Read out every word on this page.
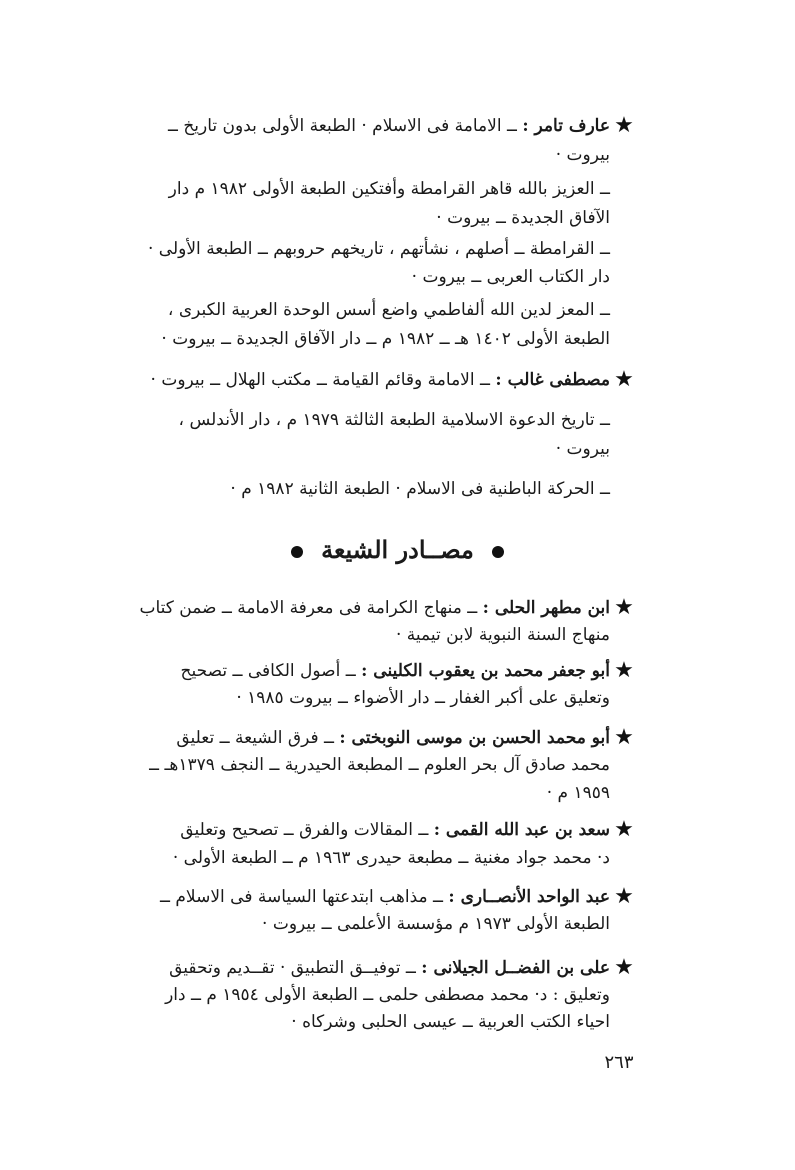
★
عارف تامر : ــ الامامة فى الاسلام · الطبعة الأولى بدون تاريخ ــ
بيروت ·
ــ العزيز بالله قاهر القرامطة وأفتكين الطبعة الأولى ١٩٨٢ م دار
الآفاق الجديدة ــ بيروت ·
ــ القرامطة ــ أصلهم ، نشأتهم ، تاريخهم حروبهم ــ الطبعة الأولى ·
دار الكتاب العربى ــ بيروت ·
ــ المعز لدين الله ألفاطمي واضع أسس الوحدة العربية الكبرى ،
الطبعة الأولى ١٤٠٢ هـ ــ ١٩٨٢ م ــ دار الآفاق الجديدة ــ بيروت ·
★
مصطفى غالب : ــ الامامة وقائم القيامة ــ مكتب الهلال ــ بيروت ·
ــ تاريخ الدعوة الاسلامية الطبعة الثالثة ١٩٧٩ م ، دار الأندلس ،
بيروت ·
ــ الحركة الباطنية فى الاسلام · الطبعة الثانية ١٩٨٢ م ·
مصــادر الشيعة
★
ابن مطهر الحلى : ــ منهاج الكرامة فى معرفة الامامة ــ ضمن كتاب
منهاج السنة النبوية لابن تيمية ·
★
أبو جعفر محمد بن يعقوب الكلينى : ــ أصول الكافى ــ تصحيح
وتعليق على أكبر الغفار ــ دار الأضواء ــ بيروت ١٩٨٥ ·
★
أبو محمد الحسن بن موسى النوبختى : ــ فرق الشيعة ــ تعليق
محمد صادق آل بحر العلوم ــ المطبعة الحيدرية ــ النجف ١٣٧٩هـ ــ
١٩٥٩ م ·
★
سعد بن عبد الله القمى : ــ المقالات والفرق ــ تصحيح وتعليق
د· محمد جواد مغنية ــ مطبعة حيدرى ١٩٦٣ م ــ الطبعة الأولى ·
★
عبد الواحد الأنصــارى : ــ مذاهب ابتدعتها السياسة فى الاسلام ــ
الطبعة الأولى ١٩٧٣ م مؤسسة الأعلمى ــ بيروت ·
★
على بن الفضــل الجيلانى : ــ توفيــق التطبيق · تقــديم وتحقيق
وتعليق : د· محمد مصطفى حلمى ــ الطبعة الأولى ١٩٥٤ م ــ دار
احياء الكتب العربية ــ عيسى الحلبى وشركاه ·
٢٦٣
